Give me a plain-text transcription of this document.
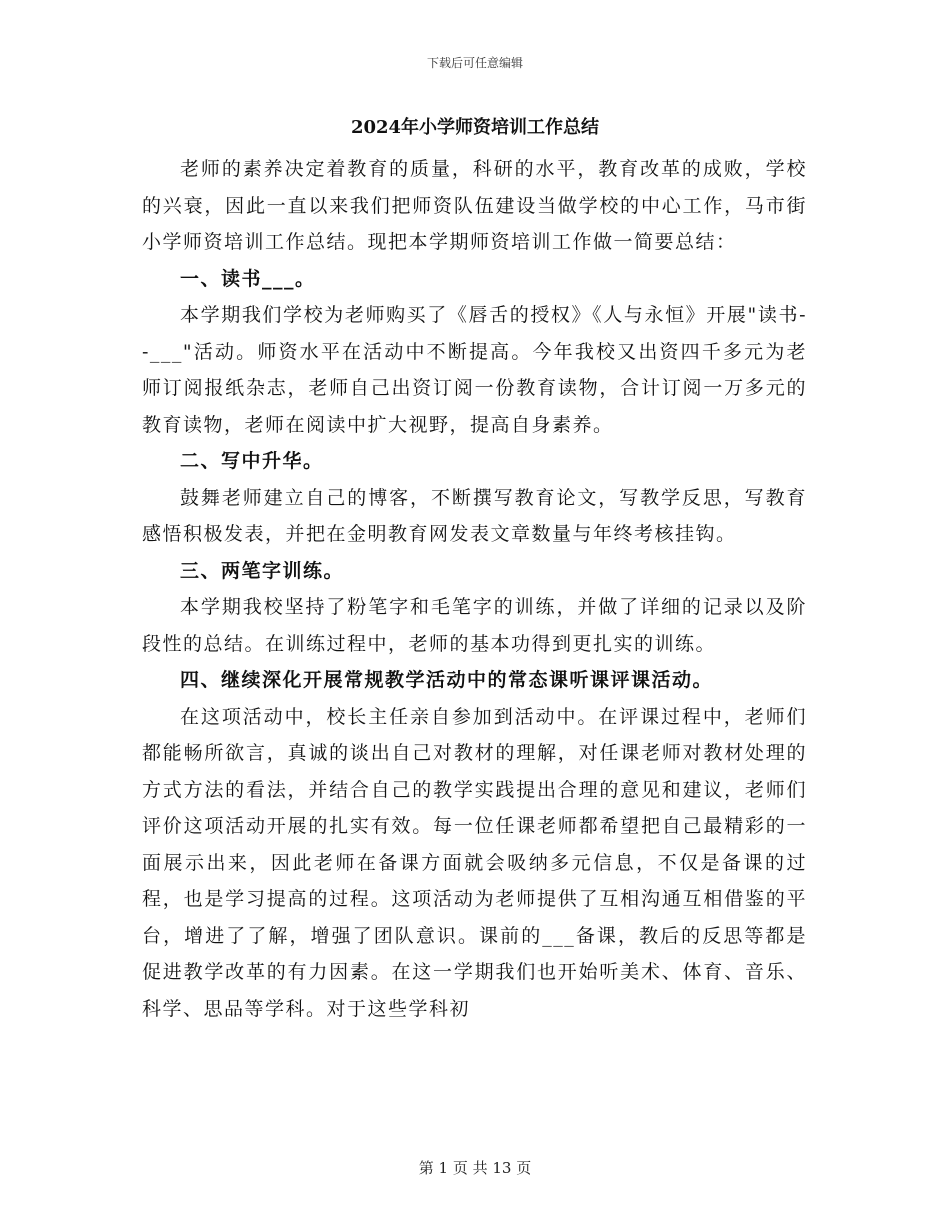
下载后可任意编辑
2024年小学师资培训工作总结

老师的素养决定着教育的质量，科研的水平，教育改革的成败，学校的兴衰，因此一直以来我们把师资队伍建设当做学校的中心工作，马市街小学师资培训工作总结。现把本学期师资培训工作做一简要总结：

一、读书___。

本学期我们学校为老师购买了《唇舌的授权》《人与永恒》开展"读书--___"活动。师资水平在活动中不断提高。今年我校又出资四千多元为老师订阅报纸杂志，老师自己出资订阅一份教育读物，合计订阅一万多元的教育读物，老师在阅读中扩大视野，提高自身素养。

二、写中升华。

鼓舞老师建立自己的博客，不断撰写教育论文，写教学反思，写教育感悟积极发表，并把在金明教育网发表文章数量与年终考核挂钩。

三、两笔字训练。

本学期我校坚持了粉笔字和毛笔字的训练，并做了详细的记录以及阶段性的总结。在训练过程中，老师的基本功得到更扎实的训练。

四、继续深化开展常规教学活动中的常态课听课评课活动。

在这项活动中，校长主任亲自参加到活动中。在评课过程中，老师们都能畅所欲言，真诚的谈出自己对教材的理解，对任课老师对教材处理的方式方法的看法，并结合自己的教学实践提出合理的意见和建议，老师们评价这项活动开展的扎实有效。每一位任课老师都希望把自己最精彩的一面展示出来，因此老师在备课方面就会吸纳多元信息，不仅是备课的过程，也是学习提高的过程。这项活动为老师提供了互相沟通互相借鉴的平台，增进了了解，增强了团队意识。课前的___备课，教后的反思等都是促进教学改革的有力因素。在这一学期我们也开始听美术、体育、音乐、科学、思品等学科。对于这些学科初

第 1 页 共 13 页
